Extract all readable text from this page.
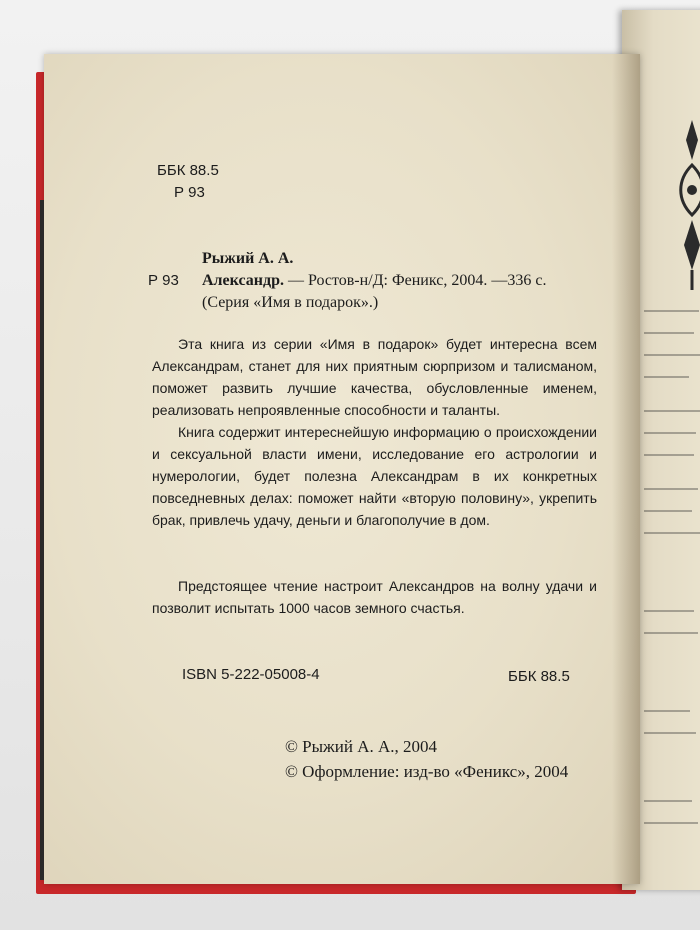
ББК 88.5
Р 93
Рыжий А. А.
Р 93 Александр. — Ростов-н/Д: Феникс, 2004. —336 с.
(Серия «Имя в подарок».)
Эта книга из серии «Имя в подарок» будет интересна всем Александрам, станет для них приятным сюрпризом и талисманом, поможет развить лучшие качества, обусловленные именем, реализовать непроявленные способности и таланты.
Книга содержит интереснейшую информацию о происхождении и сексуальной власти имени, исследование его астрологии и нумерологии, будет полезна Александрам в их конкретных повседневных делах: поможет найти «вторую половину», укрепить брак, привлечь удачу, деньги и благополучие в дом.
Предстоящее чтение настроит Александров на волну удачи и позволит испытать 1000 часов земного счастья.
ISBN 5-222-05008-4	ББК 88.5
© Рыжий А. А., 2004
© Оформление: изд-во «Феникс», 2004
